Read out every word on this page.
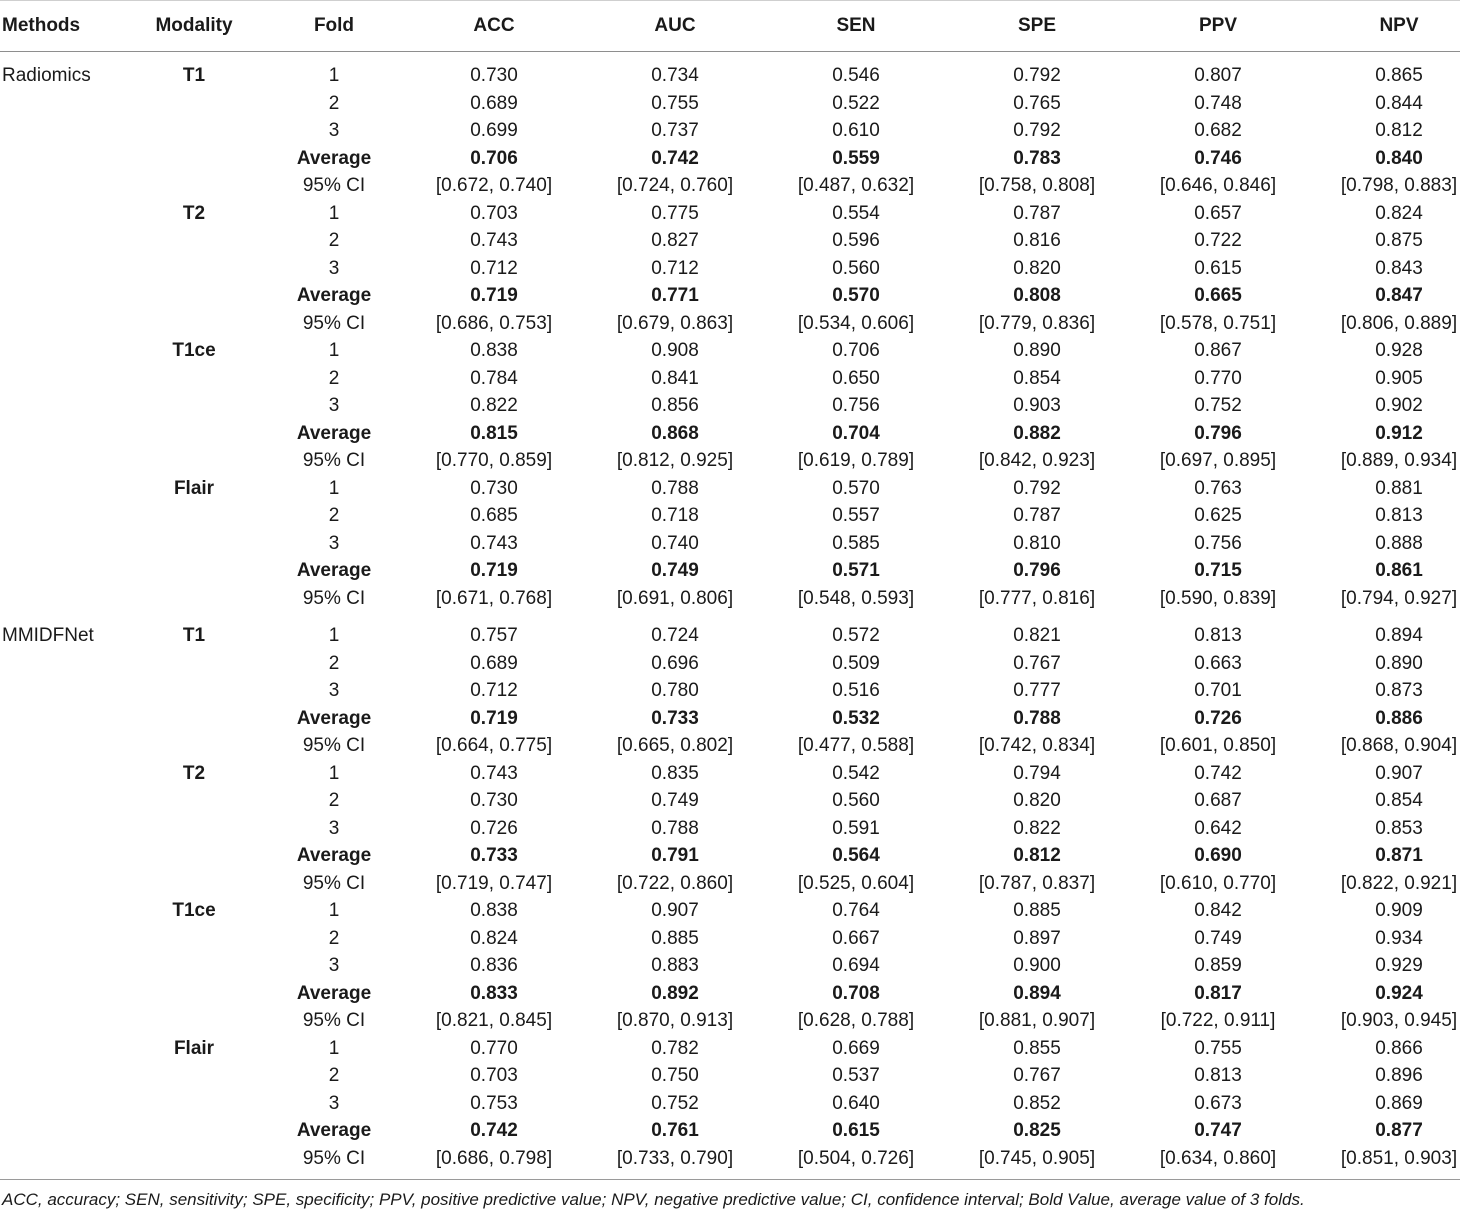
Methods	Modality	Fold	ACC	AUC	SEN	SPE	PPV	NPV
Radiomics	T1	1	0.730	0.734	0.546	0.792	0.807	0.865
2	0.689	0.755	0.522	0.765	0.748	0.844
3	0.699	0.737	0.610	0.792	0.682	0.812
Average	0.706	0.742	0.559	0.783	0.746	0.840
95% CI	[0.672, 0.740]	[0.724, 0.760]	[0.487, 0.632]	[0.758, 0.808]	[0.646, 0.846]	[0.798, 0.883]
T2	1	0.703	0.775	0.554	0.787	0.657	0.824
2	0.743	0.827	0.596	0.816	0.722	0.875
3	0.712	0.712	0.560	0.820	0.615	0.843
Average	0.719	0.771	0.570	0.808	0.665	0.847
95% CI	[0.686, 0.753]	[0.679, 0.863]	[0.534, 0.606]	[0.779, 0.836]	[0.578, 0.751]	[0.806, 0.889]
T1ce	1	0.838	0.908	0.706	0.890	0.867	0.928
2	0.784	0.841	0.650	0.854	0.770	0.905
3	0.822	0.856	0.756	0.903	0.752	0.902
Average	0.815	0.868	0.704	0.882	0.796	0.912
95% CI	[0.770, 0.859]	[0.812, 0.925]	[0.619, 0.789]	[0.842, 0.923]	[0.697, 0.895]	[0.889, 0.934]
Flair	1	0.730	0.788	0.570	0.792	0.763	0.881
2	0.685	0.718	0.557	0.787	0.625	0.813
3	0.743	0.740	0.585	0.810	0.756	0.888
Average	0.719	0.749	0.571	0.796	0.715	0.861
95% CI	[0.671, 0.768]	[0.691, 0.806]	[0.548, 0.593]	[0.777, 0.816]	[0.590, 0.839]	[0.794, 0.927]
MMIDFNet	T1	1	0.757	0.724	0.572	0.821	0.813	0.894
2	0.689	0.696	0.509	0.767	0.663	0.890
3	0.712	0.780	0.516	0.777	0.701	0.873
Average	0.719	0.733	0.532	0.788	0.726	0.886
95% CI	[0.664, 0.775]	[0.665, 0.802]	[0.477, 0.588]	[0.742, 0.834]	[0.601, 0.850]	[0.868, 0.904]
T2	1	0.743	0.835	0.542	0.794	0.742	0.907
2	0.730	0.749	0.560	0.820	0.687	0.854
3	0.726	0.788	0.591	0.822	0.642	0.853
Average	0.733	0.791	0.564	0.812	0.690	0.871
95% CI	[0.719, 0.747]	[0.722, 0.860]	[0.525, 0.604]	[0.787, 0.837]	[0.610, 0.770]	[0.822, 0.921]
T1ce	1	0.838	0.907	0.764	0.885	0.842	0.909
2	0.824	0.885	0.667	0.897	0.749	0.934
3	0.836	0.883	0.694	0.900	0.859	0.929
Average	0.833	0.892	0.708	0.894	0.817	0.924
95% CI	[0.821, 0.845]	[0.870, 0.913]	[0.628, 0.788]	[0.881, 0.907]	[0.722, 0.911]	[0.903, 0.945]
Flair	1	0.770	0.782	0.669	0.855	0.755	0.866
2	0.703	0.750	0.537	0.767	0.813	0.896
3	0.753	0.752	0.640	0.852	0.673	0.869
Average	0.742	0.761	0.615	0.825	0.747	0.877
95% CI	[0.686, 0.798]	[0.733, 0.790]	[0.504, 0.726]	[0.745, 0.905]	[0.634, 0.860]	[0.851, 0.903]
ACC, accuracy; SEN, sensitivity; SPE, specificity; PPV, positive predictive value; NPV, negative predictive value; CI, confidence interval; Bold Value, average value of 3 folds.
